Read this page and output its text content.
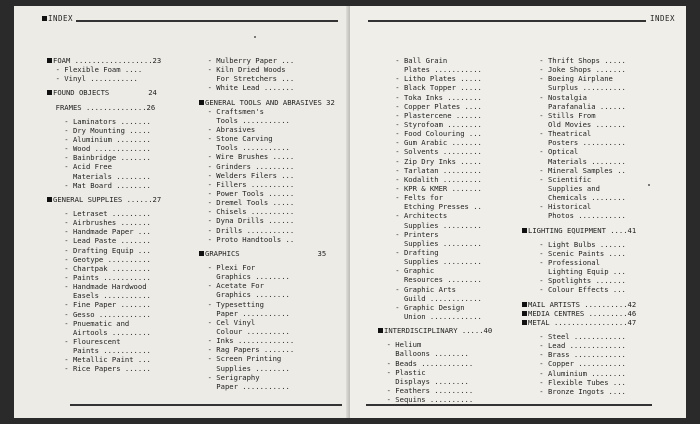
INDEX
FOAM ..................23
- Flexible Foam ....
- Vinyl ...........
FOUND OBJECTS         24
FRAMES ..............26
- Laminators .......
- Dry Mounting .....
- Aluminium ........
- Wood .............
- Bainbridge .......
- Acid Free
Materials ........
- Mat Board ........
GENERAL SUPPLIES ......27
- Letraset .........
- Airbrushes .......
- Handmade Paper ...
- Lead Paste .......
- Drafting Equip ...
- Geotype ..........
- Chartpak .........
- Paints ...........
- Handmade Hardwood
Easels ...........
- Fine Paper .......
- Gesso ............
- Pnuematic and
Airtools .........
- Flourescent
Paints ...........
- Metallic Paint ...
- Rice Papers ......
- Mulberry Paper ...
- Kiln Dried Woods
For Stretchers ...
- White Lead .......
GENERAL TOOLS AND ABRASIVES 32
- Craftsmen's
Tools ...........
- Abrasives
- Stone Carving
Tools ...........
- Wire Brushes .....
- Grinders .........
- Welders Filers ...
- Fillers ..........
- Power Tools ......
- Dremel Tools .....
- Chisels ..........
- Dyna Drills ......
- Drills ...........
- Proto Handtools ..
GRAPHICS                  35
- Plexi For
Graphics ........
- Acetate For
Graphics ........
- Typesetting
Paper ...........
- Cel Vinyl
Colour ..........
- Inks .............
- Rag Papers .......
- Screen Printing
Supplies ........
- Serigraphy
Paper ...........
INDEX
- Ball Grain
Plates ...........
- Litho Plates .....
- Black Topper .....
- Toka Inks ........
- Copper Plates ....
- Plastercene ......
- Styrofoam ........
- Food Colouring ...
- Gum Arabic .......
- Solvents .........
- Zip Dry Inks .....
- Tarlatan .........
- Kodalith .........
- KPR & KMER .......
- Felts for
Etching Presses ..
- Architects
Supplies .........
- Printers
Supplies .........
- Drafting
Supplies .........
- Graphic
Resources ........
- Graphic Arts
Guild ............
- Graphic Design
Union ............
INTERDISCIPLINARY .....40
- Helium
Balloons ........
- Beads ............
- Plastic
Displays ........
- Feathers .........
- Sequins ..........
- Thrift Shops .....
- Joke Shops .......
- Boeing Airplane
Surplus ..........
- Nostalgia
Parafanalia ......
- Stills From
Old Movies .......
- Theatrical
Posters ..........
- Optical
Materials ........
- Mineral Samples ..
- Scientific
Supplies and
Chemicals ........
- Historical
Photos ...........
LIGHTING EQUIPMENT ....41
- Light Bulbs ......
- Scenic Paints ....
- Professional
Lighting Equip ...
- Spotlights .......
- Colour Effects ...
MAIL ARTISTS ..........42
MEDIA CENTRES .........46
METAL .................47
- Steel ............
- Lead .............
- Brass ............
- Copper ...........
- Aluminium ........
- Flexible Tubes ...
- Bronze Ingots ....
